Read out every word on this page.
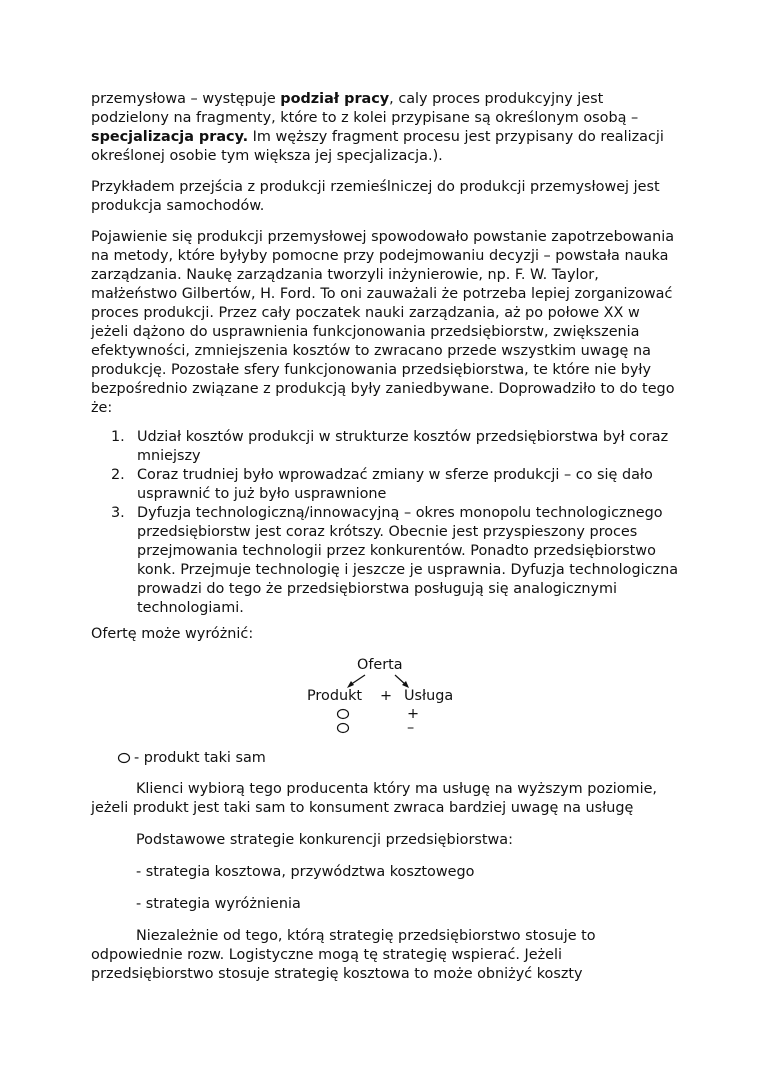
przemysłowa – występuje podział pracy, caly proces produkcyjny jest podzielony na fragmenty, które to z kolei przypisane są określonym osobą – specjalizacja pracy. Im węższy fragment procesu jest przypisany do realizacji określonej osobie tym większa jej specjalizacja.).

Przykładem przejścia z produkcji rzemieślniczej do produkcji przemysłowej jest produkcja samochodów.

Pojawienie się produkcji przemysłowej spowodowało powstanie zapotrzebowania na metody, które byłyby pomocne przy podejmowaniu decyzji – powstała nauka zarządzania. Naukę zarządzania tworzyli inżynierowie, np. F. W. Taylor, małżeństwo Gilbertów, H. Ford. To oni zauważali że potrzeba lepiej zorganizować proces produkcji. Przez cały poczatek nauki zarządzania, aż po połowe XX w jeżeli dążono do usprawnienia funkcjonowania przedsiębiorstw, zwiększenia efektywności, zmniejszenia kosztów to zwracano przede wszystkim uwagę na produkcję. Pozostałe sfery funkcjonowania przedsiębiorstwa, te które nie były bezpośrednio związane z produkcją były zaniedbywane. Doprowadziło to do tego że:

1. Udział kosztów produkcji w strukturze kosztów przedsiębiorstwa był coraz mniejszy
2. Coraz trudniej było wprowadzać zmiany w sferze produkcji – co się dało usprawnić to już było usprawnione
3. Dyfuzja technologiczną/innowacyjną – okres monopolu technologicznego przedsiębiorstw jest coraz krótszy. Obecnie jest przyspieszony proces przejmowania technologii przez konkurentów. Ponadto przedsiębiorstwo konk. Przejmuje technologię i jeszcze je usprawnia. Dyfuzja technologiczna prowadzi do tego że przedsiębiorstwa posługują się analogicznymi technologiami.

Ofertę może wyróżnić:

Oferta
Produkt + Usługa
+
–
- produkt taki sam

Klienci wybiorą tego producenta który ma usługę na wyższym poziomie, jeżeli produkt jest taki sam to konsument zwraca bardziej uwagę na usługę

Podstawowe strategie konkurencji przedsiębiorstwa:
- strategia kosztowa, przywództwa kosztowego
- strategia wyróżnienia

Niezależnie od tego, którą strategię przedsiębiorstwo stosuje to odpowiednie rozw. Logistyczne mogą tę strategię wspierać. Jeżeli przedsiębiorstwo stosuje strategię kosztowa to może obniżyć koszty
